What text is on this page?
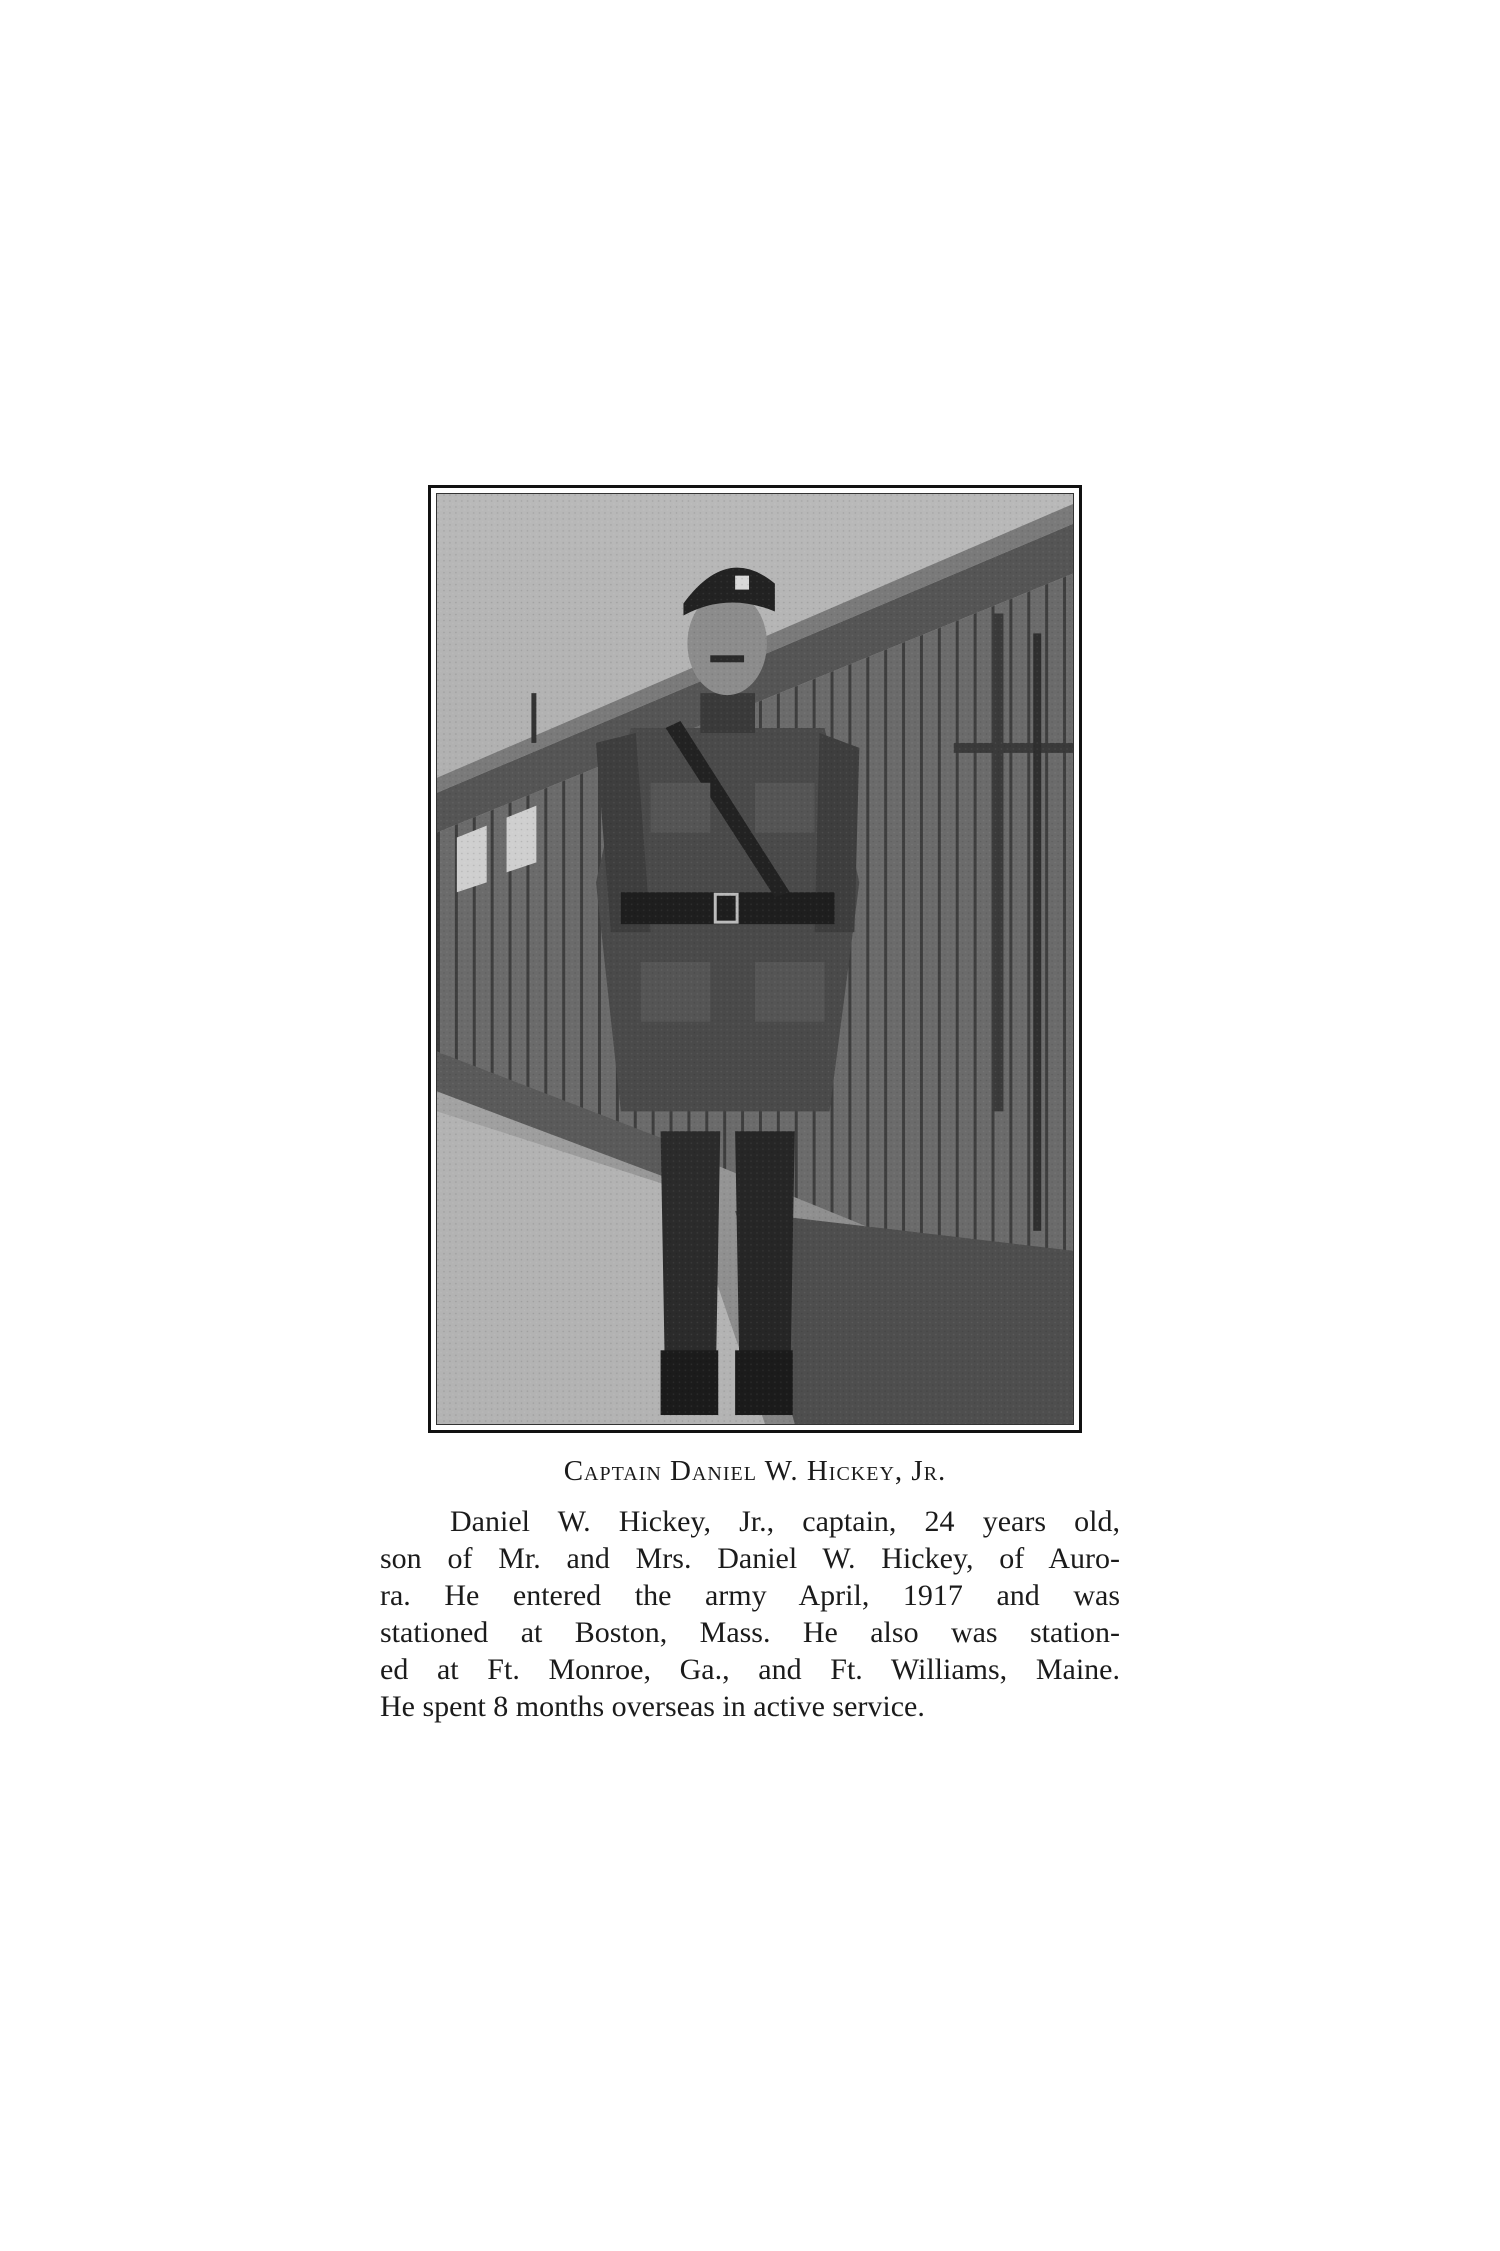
Captain Daniel W. Hickey, Jr.
Daniel W. Hickey, Jr., captain, 24 years old,
son of Mr. and Mrs. Daniel W. Hickey, of Auro-
ra. He entered the army April, 1917 and was
stationed at Boston, Mass. He also was station-
ed at Ft. Monroe, Ga., and Ft. Williams, Maine.
He spent 8 months overseas in active service.
